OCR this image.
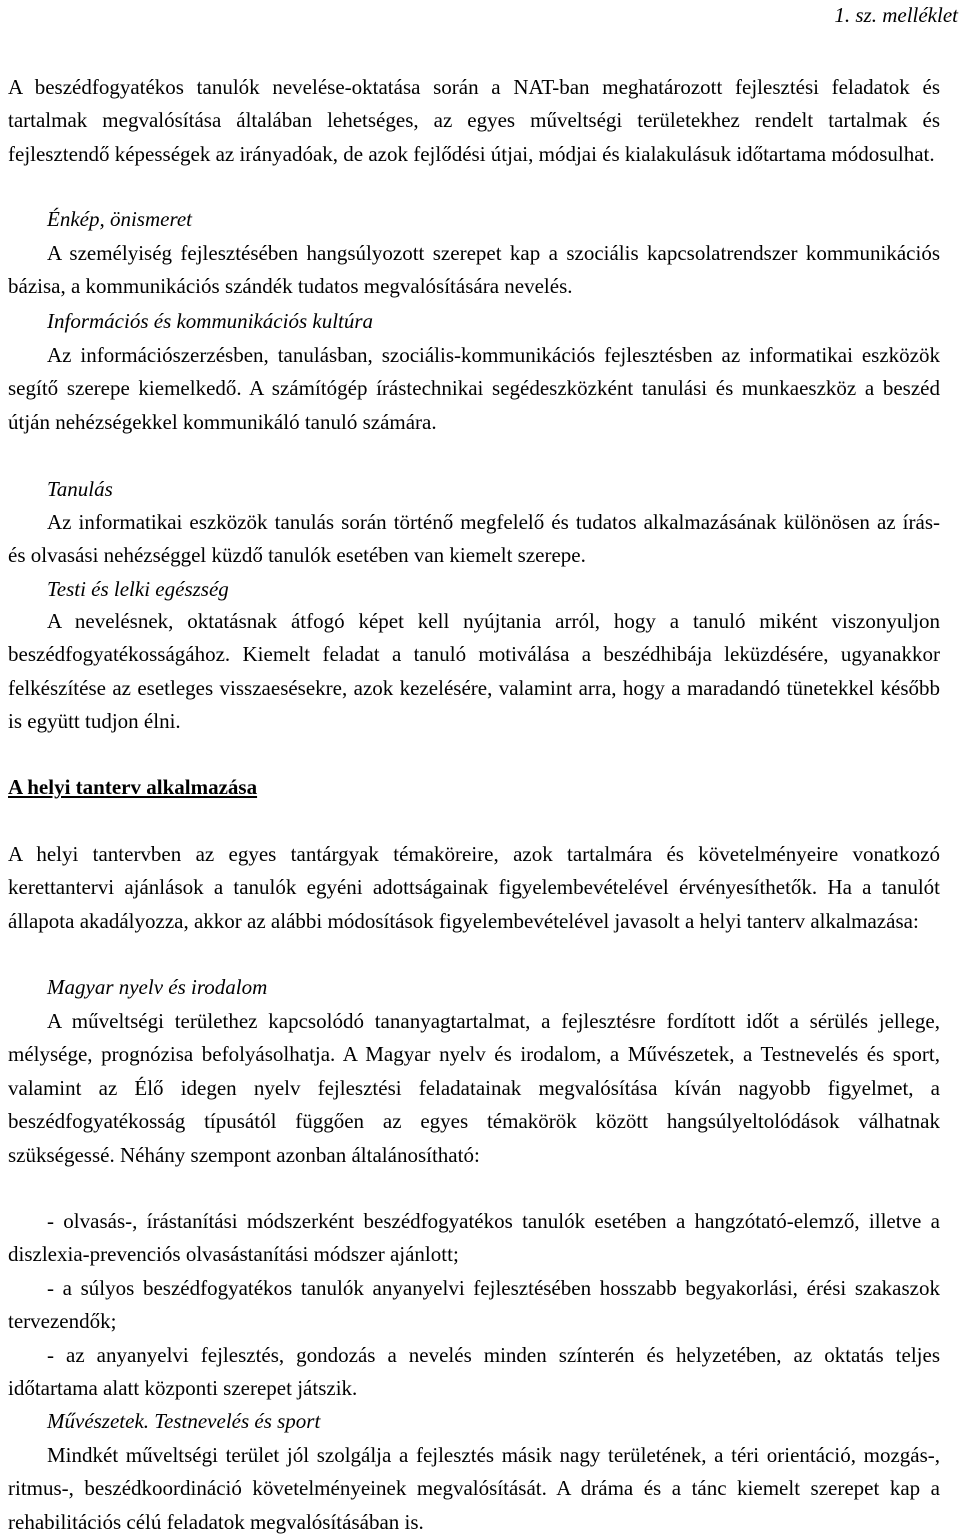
1. sz. melléklet

A beszédfogyatékos tanulók nevelése-oktatása során a NAT-ban meghatározott fejlesztési feladatok és tartalmak megvalósítása általában lehetséges, az egyes műveltségi területekhez rendelt tartalmak és fejlesztendő képességek az irányadóak, de azok fejlődési útjai, módjai és kialakulásuk időtartama módosulhat.

Énkép, önismeret

A személyiség fejlesztésében hangsúlyozott szerepet kap a szociális kapcsolatrendszer kommunikációs bázisa, a kommunikációs szándék tudatos megvalósítására nevelés.

Információs és kommunikációs kultúra

Az információszerzésben, tanulásban, szociális-kommunikációs fejlesztésben az informatikai eszközök segítő szerepe kiemelkedő. A számítógép írástechnikai segédeszközként tanulási és munkaeszköz a beszéd útján nehézségekkel kommunikáló tanuló számára.

Tanulás

Az informatikai eszközök tanulás során történő megfelelő és tudatos alkalmazásának különösen az írás- és olvasási nehézséggel küzdő tanulók esetében van kiemelt szerepe.

Testi és lelki egészség

A nevelésnek, oktatásnak átfogó képet kell nyújtania arról, hogy a tanuló miként viszonyuljon beszédfogyatékosságához. Kiemelt feladat a tanuló motiválása a beszédhibája leküzdésére, ugyanakkor felkészítése az esetleges visszaesésekre, azok kezelésére, valamint arra, hogy a maradandó tünetekkel később is együtt tudjon élni.

A helyi tanterv alkalmazása

A helyi tantervben az egyes tantárgyak témaköreire, azok tartalmára és követelményeire vonatkozó kerettantervi ajánlások a tanulók egyéni adottságainak figyelembevételével érvényesíthetők. Ha a tanulót állapota akadályozza, akkor az alábbi módosítások figyelembevételével javasolt a helyi tanterv alkalmazása:

Magyar nyelv és irodalom

A műveltségi területhez kapcsolódó tananyagtartalmat, a fejlesztésre fordított időt a sérülés jellege, mélysége, prognózisa befolyásolhatja. A Magyar nyelv és irodalom, a Művészetek, a Testnevelés és sport, valamint az Élő idegen nyelv fejlesztési feladatainak megvalósítása kíván nagyobb figyelmet, a beszédfogyatékosság típusától függően az egyes témakörök között hangsúlyeltolódások válhatnak szükségessé. Néhány szempont azonban általánosítható:

- olvasás-, írástanítási módszerként beszédfogyatékos tanulók esetében a hangzótató-elemző, illetve a diszlexia-prevenciós olvasástanítási módszer ajánlott;

- a súlyos beszédfogyatékos tanulók anyanyelvi fejlesztésében hosszabb begyakorlási, érési szakaszok tervezendők;

- az anyanyelvi fejlesztés, gondozás a nevelés minden színterén és helyzetében, az oktatás teljes időtartama alatt központi szerepet játszik.

Művészetek. Testnevelés és sport

Mindkét műveltségi terület jól szolgálja a fejlesztés másik nagy területének, a téri orientáció, mozgás-, ritmus-, beszédkoordináció követelményeinek megvalósítását. A dráma és a tánc kiemelt szerepet kap a rehabilitációs célú feladatok megvalósításában is.
